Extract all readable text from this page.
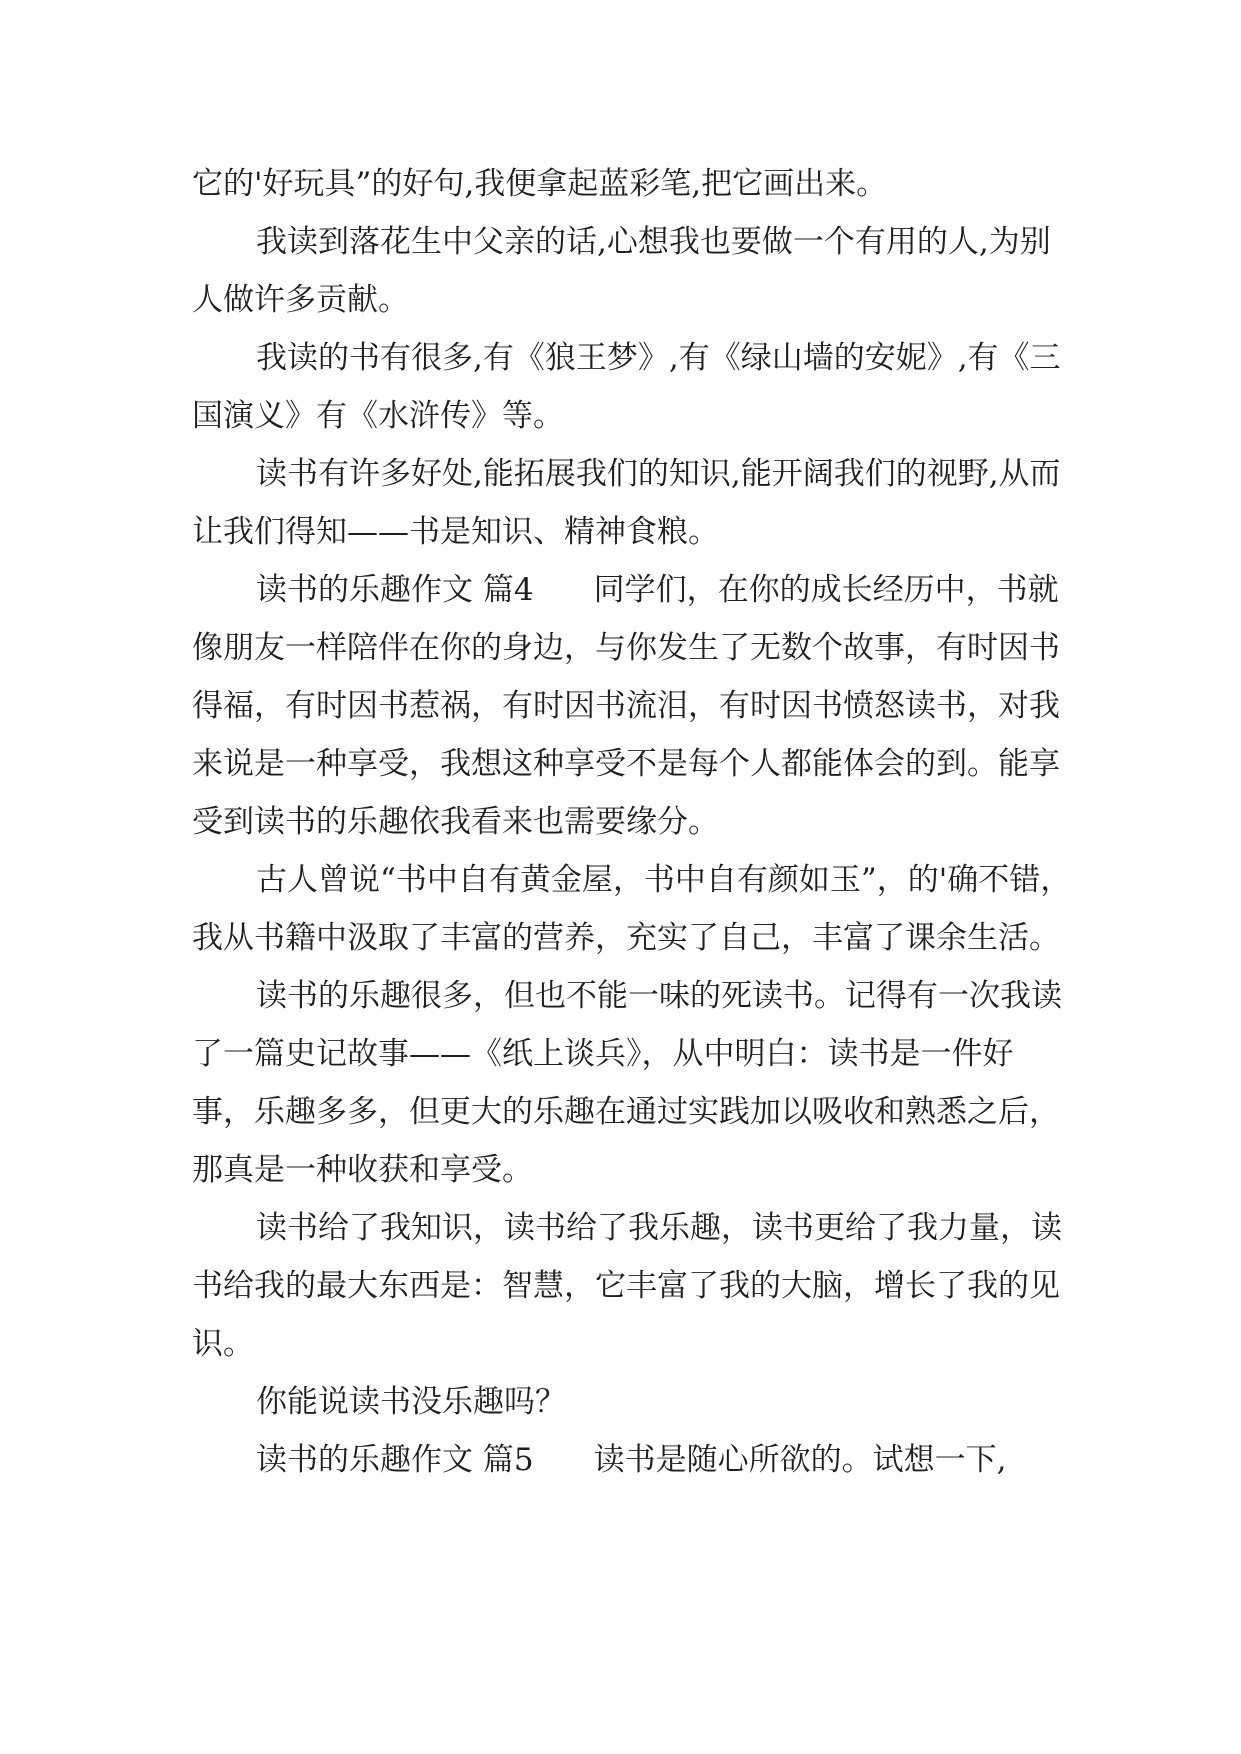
它的'好玩具”的好句,我便拿起蓝彩笔,把它画出来。

我读到落花生中父亲的话,心想我也要做一个有用的人,为别人做许多贡献。

我读的书有很多,有《狼王梦》,有《绿山墙的安妮》,有《三国演义》有《水浒传》等。

读书有许多好处,能拓展我们的知识,能开阔我们的视野,从而让我们得知——书是知识、精神食粮。

读书的乐趣作文 篇4 同学们，在你的成长经历中，书就像朋友一样陪伴在你的身边，与你发生了无数个故事，有时因书得福，有时因书惹祸，有时因书流泪，有时因书愤怒读书，对我来说是一种享受，我想这种享受不是每个人都能体会的到。能享受到读书的乐趣依我看来也需要缘分。

古人曾说“书中自有黄金屋，书中自有颜如玉”，的'确不错，我从书籍中汲取了丰富的营养，充实了自己，丰富了课余生活。

读书的乐趣很多，但也不能一味的死读书。记得有一次我读了一篇史记故事——《纸上谈兵》，从中明白：读书是一件好事，乐趣多多，但更大的乐趣在通过实践加以吸收和熟悉之后，那真是一种收获和享受。

读书给了我知识，读书给了我乐趣，读书更给了我力量，读书给我的最大东西是：智慧，它丰富了我的大脑，增长了我的见识。

你能说读书没乐趣吗？

读书的乐趣作文 篇5 读书是随心所欲的。试想一下,
